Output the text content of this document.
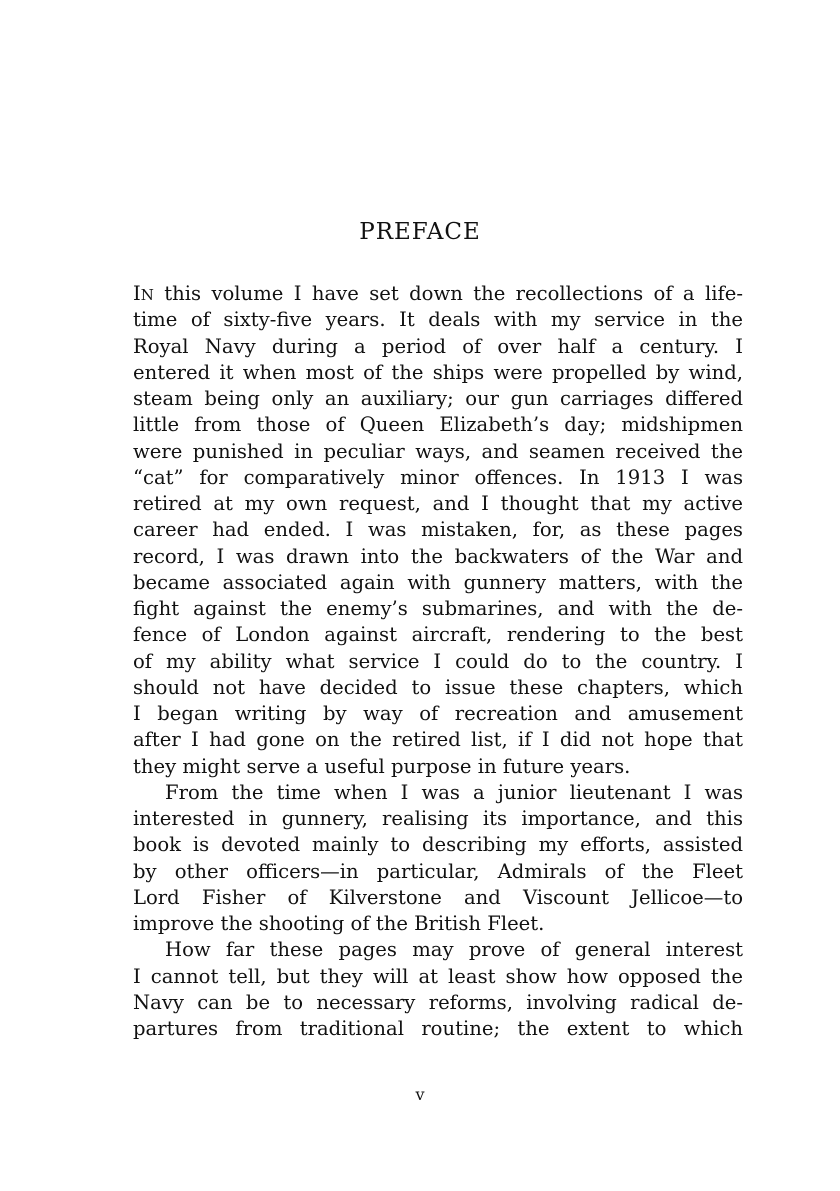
PREFACE
IN this volume I have set down the recollections of a life-
time of sixty-five years. It deals with my service in the
Royal Navy during a period of over half a century. I
entered it when most of the ships were propelled by wind,
steam being only an auxiliary; our gun carriages differed
little from those of Queen Elizabeth’s day; midshipmen
were punished in peculiar ways, and seamen received the
“cat” for comparatively minor offences. In 1913 I was
retired at my own request, and I thought that my active
career had ended. I was mistaken, for, as these pages
record, I was drawn into the backwaters of the War and
became associated again with gunnery matters, with the
fight against the enemy’s submarines, and with the de-
fence of London against aircraft, rendering to the best
of my ability what service I could do to the country. I
should not have decided to issue these chapters, which
I began writing by way of recreation and amusement
after I had gone on the retired list, if I did not hope that
they might serve a useful purpose in future years.
From the time when I was a junior lieutenant I was
interested in gunnery, realising its importance, and this
book is devoted mainly to describing my efforts, assisted
by other officers—in particular, Admirals of the Fleet
Lord Fisher of Kilverstone and Viscount Jellicoe—to
improve the shooting of the British Fleet.
How far these pages may prove of general interest
I cannot tell, but they will at least show how opposed the
Navy can be to necessary reforms, involving radical de-
partures from traditional routine; the extent to which
v
